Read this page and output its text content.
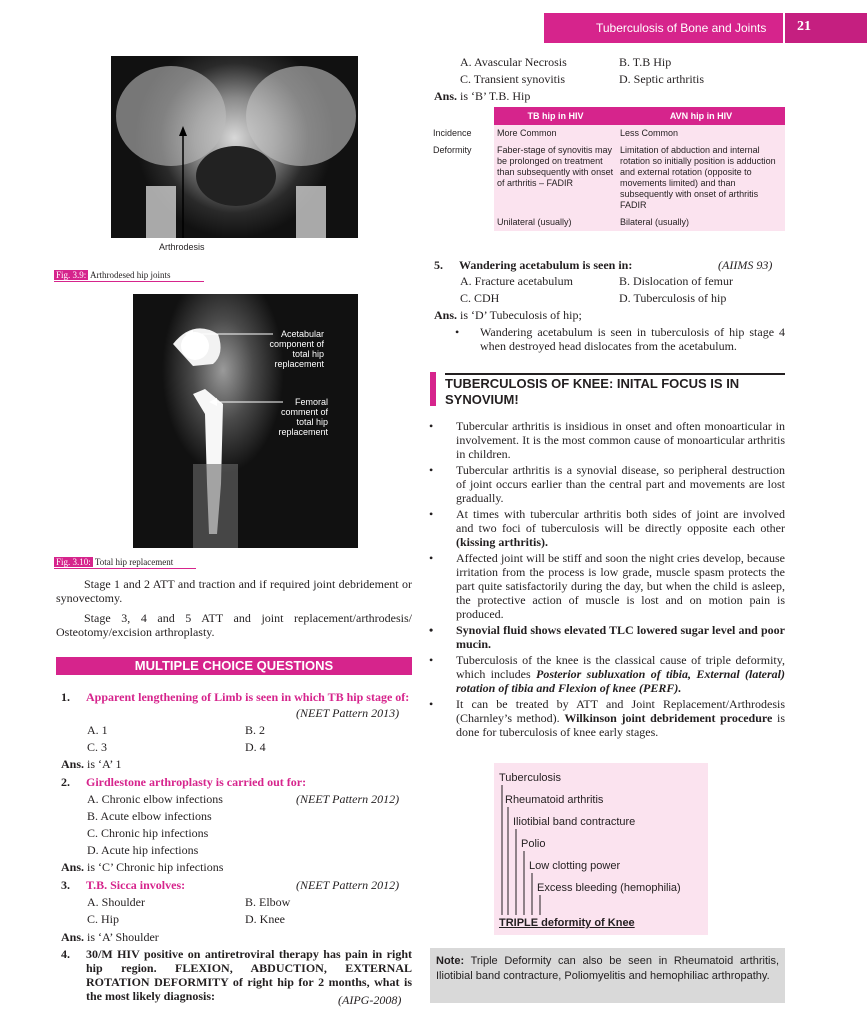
Tuberculosis of Bone and Joints	21
Arthrodesis
Fig. 3.9: Arthrodesed hip joints
Acetabular component of total hip replacement
Femoral comment of total hip replacement
Fig. 3.10: Total hip replacement

Stage 1 and 2 ATT and traction and if required joint debridement or synovectomy.

Stage 3, 4 and 5 ATT and joint replacement/arthrodesis/ Osteotomy/excision arthroplasty.

MULTIPLE CHOICE QUESTIONS
1. Apparent lengthening of Limb is seen in which TB hip stage of:
(NEET Pattern 2013)
A. 1	B. 2
C. 3	D. 4
Ans. is ‘A’ 1
2. Girdlestone arthroplasty is carried out for:
(NEET Pattern 2012)
A. Chronic elbow infections
B. Acute elbow infections
C. Chronic hip infections
D. Acute hip infections
Ans. is ‘C’ Chronic hip infections
3. T.B. Sicca involves:	(NEET Pattern 2012)
A. Shoulder	B. Elbow
C. Hip	D. Knee
Ans. is ‘A’ Shoulder
4. 30/M HIV positive on antiretroviral therapy has pain in right hip region. FLEXION, ABDUCTION, EXTERNAL ROTATION DEFORMITY of right hip for 2 months, what is the most likely diagnosis:	(AIPG-2008)
A. Avascular Necrosis	B. T.B Hip
C. Transient synovitis	D. Septic arthritis
Ans. is ‘B’ T.B. Hip
	TB hip in HIV	AVN hip in HIV
Incidence	More Common	Less Common
Deformity	Faber-stage of synovitis may be prolonged on treatment than subsequently with onset of arthritis – FADIR	Limitation of abduction and internal rotation so initially position is adduction and external rotation (opposite to movements limited) and than subsequently with onset of arthritis FADIR
	Unilateral (usually)	Bilateral (usually)
5. Wandering acetabulum is seen in:	(AIIMS 93)
A. Fracture acetabulum	B. Dislocation of femur
C. CDH	D. Tuberculosis of hip
Ans. is ‘D’ Tubeculosis of hip;
• Wandering acetabulum is seen in tuberculosis of hip stage 4 when destroyed head dislocates from the acetabulum.
TUBERCULOSIS OF KNEE: INITAL FOCUS IS IN SYNOVIUM!
• Tubercular arthritis is insidious in onset and often monoarticular in involvement. It is the most common cause of monoarticular arthritis in children.
• Tubercular arthritis is a synovial disease, so peripheral destruction of joint occurs earlier than the central part and movements are lost gradually.
• At times with tubercular arthritis both sides of joint are involved and two foci of tuberculosis will be directly opposite each other (kissing arthritis).
• Affected joint will be stiff and soon the night cries develop, because irritation from the process is low grade, muscle spasm protects the part quite satisfactorily during the day, but when the child is asleep, the protective action of muscle is lost and on motion pain is produced.
• Synovial fluid shows elevated TLC lowered sugar level and poor mucin.
• Tuberculosis of the knee is the classical cause of triple deformity, which includes Posterior subluxation of tibia, External (lateral) rotation of tibia and Flexion of knee (PERF).
• It can be treated by ATT and Joint Replacement/Arthrodesis (Charnley’s method). Wilkinson joint debridement procedure is done for tuberculosis of knee early stages.
Tuberculosis
Rheumatoid arthritis
Iliotibial band contracture
Polio
Low clotting power
Excess bleeding (hemophilia)
TRIPLE deformity of Knee
Note: Triple Deformity can also be seen in Rheumatoid arthritis, Iliotibial band contracture, Poliomyelitis and hemophiliac arthropathy.
